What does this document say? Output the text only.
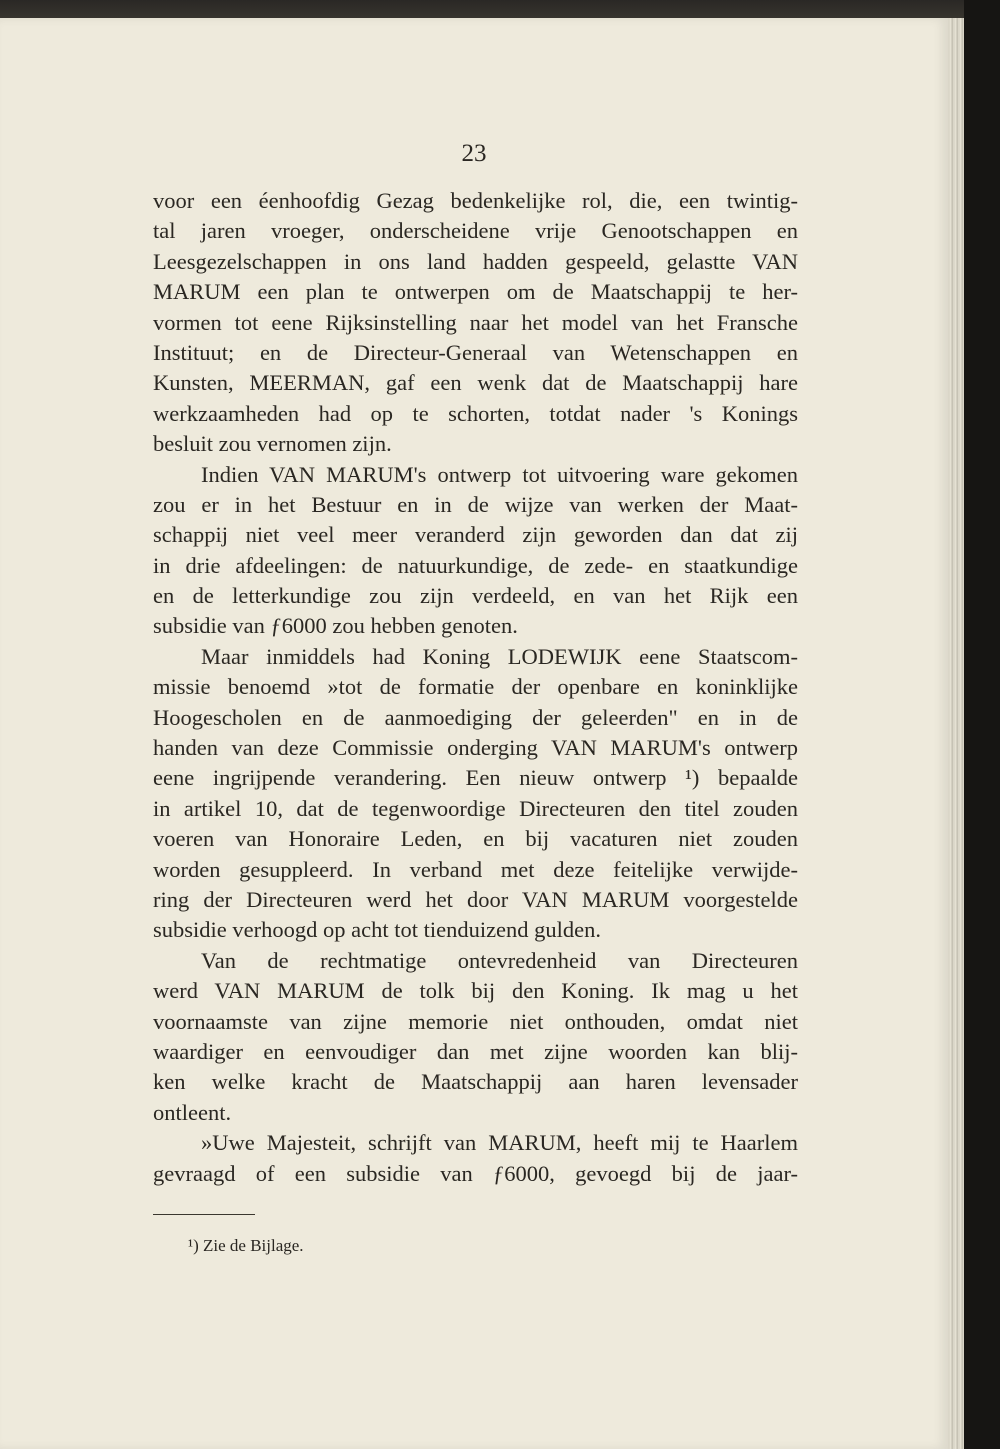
23
voor een éenhoofdig Gezag bedenkelijke rol, die, een twintig-
tal jaren vroeger, onderscheidene vrije Genootschappen en
Leesgezelschappen in ons land hadden gespeeld, gelastte VAN
MARUM een plan te ontwerpen om de Maatschappij te her-
vormen tot eene Rijksinstelling naar het model van het Fransche
Instituut; en de Directeur-Generaal van Wetenschappen en
Kunsten, MEERMAN, gaf een wenk dat de Maatschappij hare
werkzaamheden had op te schorten, totdat nader 's Konings
besluit zou vernomen zijn.
Indien VAN MARUM's ontwerp tot uitvoering ware gekomen
zou er in het Bestuur en in de wijze van werken der Maat-
schappij niet veel meer veranderd zijn geworden dan dat zij
in drie afdeelingen: de natuurkundige, de zede- en staatkundige
en de letterkundige zou zijn verdeeld, en van het Rijk een
subsidie van ƒ6000 zou hebben genoten.
Maar inmiddels had Koning LODEWIJK eene Staatscom-
missie benoemd »tot de formatie der openbare en koninklijke
Hoogescholen en de aanmoediging der geleerden" en in de
handen van deze Commissie onderging VAN MARUM's ontwerp
eene ingrijpende verandering. Een nieuw ontwerp ¹) bepaalde
in artikel 10, dat de tegenwoordige Directeuren den titel zouden
voeren van Honoraire Leden, en bij vacaturen niet zouden
worden gesuppleerd. In verband met deze feitelijke verwijde-
ring der Directeuren werd het door VAN MARUM voorgestelde
subsidie verhoogd op acht tot tienduizend gulden.
Van de rechtmatige ontevredenheid van Directeuren
werd VAN MARUM de tolk bij den Koning. Ik mag u het
voornaamste van zijne memorie niet onthouden, omdat niet
waardiger en eenvoudiger dan met zijne woorden kan blij-
ken welke kracht de Maatschappij aan haren levensader
ontleent.
»Uwe Majesteit, schrijft van MARUM, heeft mij te Haarlem
gevraagd of een subsidie van ƒ6000, gevoegd bij de jaar-
¹) Zie de Bijlage.
